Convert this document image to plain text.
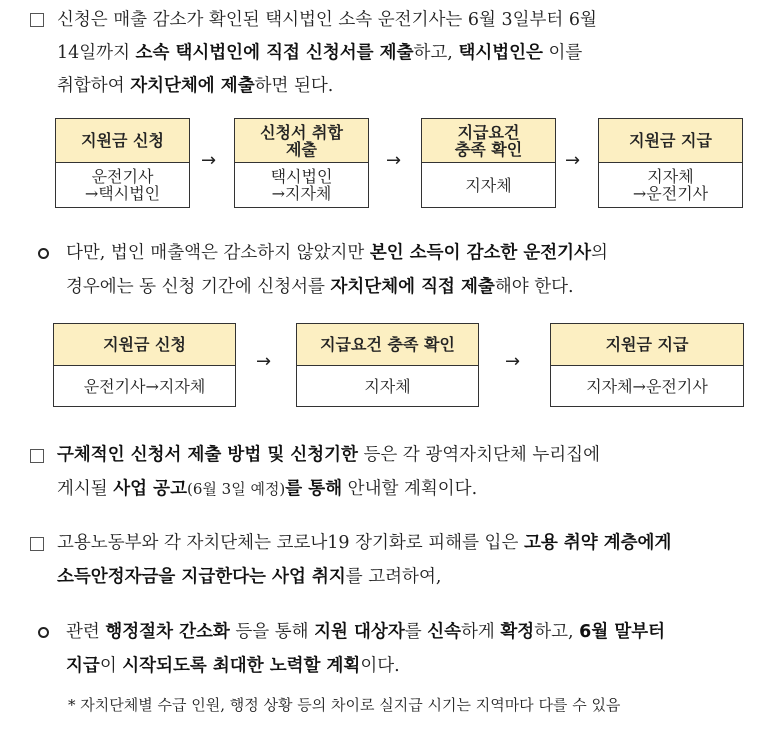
신청은 매출 감소가 확인된 택시법인 소속 운전기사는 6월 3일부터 6월
14일까지 소속 택시법인에 직접 신청서를 제출하고, 택시법인은 이를
취합하여 자치단체에 제출하면 된다.
지원금 신청
운전기사
→택시법인
→
신청서 취합
제출
택시법인
→지자체
→
지급요건
충족 확인
지자체
→
지원금 지급
지자체
→운전기사
다만, 법인 매출액은 감소하지 않았지만 본인 소득이 감소한 운전기사의
경우에는 동 신청 기간에 신청서를 자치단체에 직접 제출해야 한다.
지원금 신청
운전기사→지자체
→
지급요건 충족 확인
지자체
→
지원금 지급
지자체→운전기사
구체적인 신청서 제출 방법 및 신청기한 등은 각 광역자치단체 누리집에
게시될 사업 공고(6월 3일 예정)를 통해 안내할 계획이다.
고용노동부와 각 자치단체는 코로나19 장기화로 피해를 입은 고용 취약 계층에게
소득안정자금을 지급한다는 사업 취지를 고려하여,
관련 행정절차 간소화 등을 통해 지원 대상자를 신속하게 확정하고, 6월 말부터
지급이 시작되도록 최대한 노력할 계획이다.
* 자치단체별 수급 인원, 행정 상황 등의 차이로 실지급 시기는 지역마다 다를 수 있음
